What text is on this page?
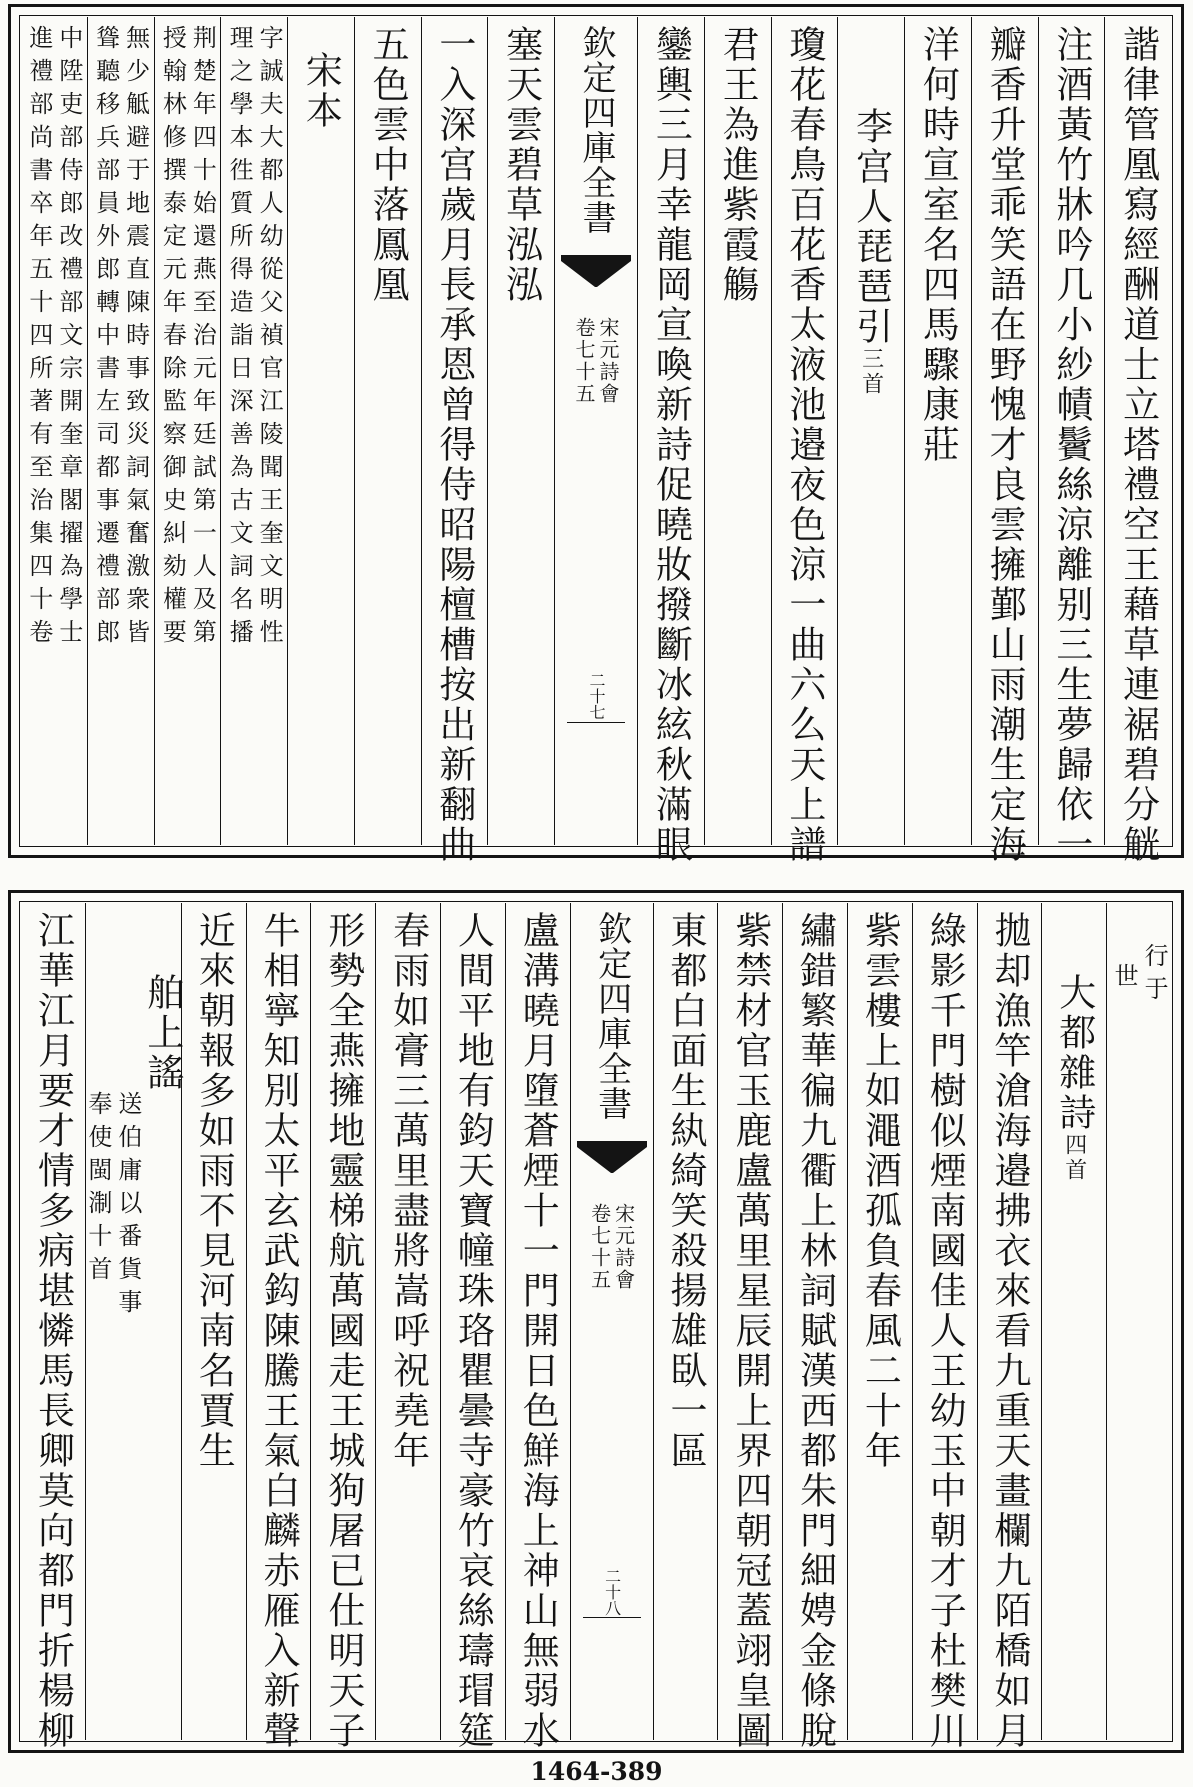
諧律管凰寫經酬道士立塔禮空王藉草連裾碧分觥
注酒黃竹牀吟几小紗幘鬢絲涼離别三生夢歸依一
瓣香升堂乖笑語在野愧才良雲擁鄞山雨潮生定海
洋何時宣室名四馬驟康莊
李宫人琵琶引三首
瓊花春鳥百花香太液池邉夜色涼一曲六么天上譜
君王為進紫霞觴
鑾輿三月幸龍岡宣喚新詩促曉妝撥斷冰絃秋滿眼
欽定四庫全書
宋元詩會
卷七十五
二十七
塞天雲碧草泓泓
一入深宫歲月長承恩曾得侍昭陽檀槽按出新翻曲
五色雲中落鳳凰
宋本
字誠夫大都人幼從父禎官江陵聞王奎文明性
理之學本徃質所得造詣日深善為古文詞名播
荆楚年四十始還燕至治元年廷試第一人及第
授翰林修撰泰定元年春除監察御史糾劾權要
無少觝避于地震直陳時事致災詞氣奮激衆皆
聳聽移兵部員外郎轉中書左司都事遷禮部郎
中陞吏部侍郎改禮部文宗開奎章閣擢為學士
進禮部尚書卒年五十四所著有至治集四十卷
行于
世
大都雜詩四首
拋却漁竿滄海邉拂衣來看九重天畫欄九陌橋如月
綠影千門樹似煙南國佳人王幼玉中朝才子杜樊川
紫雲樓上如澠酒孤負春風二十年
繡錯繁華徧九衢上林詞賦漢西都朱門細娉金條脫
紫禁材官玉鹿盧萬里星辰開上界四朝冠蓋翊皇圖
東都白面生紈綺笑殺揚雄臥一區
欽定四庫全書
宋元詩會
卷七十五
二十八
盧溝曉月墮蒼煙十一門開日色鮮海上神山無弱水
人間平地有鈞天寶幢珠珞瞿曇寺豪竹哀絲璹瑁筵
春雨如膏三萬里盡將嵩呼祝堯年
形勢全燕擁地靈梯航萬國走王城狗屠已仕明天子
牛相寧知別太平玄武鈎陳騰王氣白麟赤雁入新聲
近來朝報多如雨不見河南名賈生
舶上謠
送伯庸以番貨事
奉使閩淛十首
江華江月要才情多病堪憐馬長卿莫向都門折楊柳
1464-389
